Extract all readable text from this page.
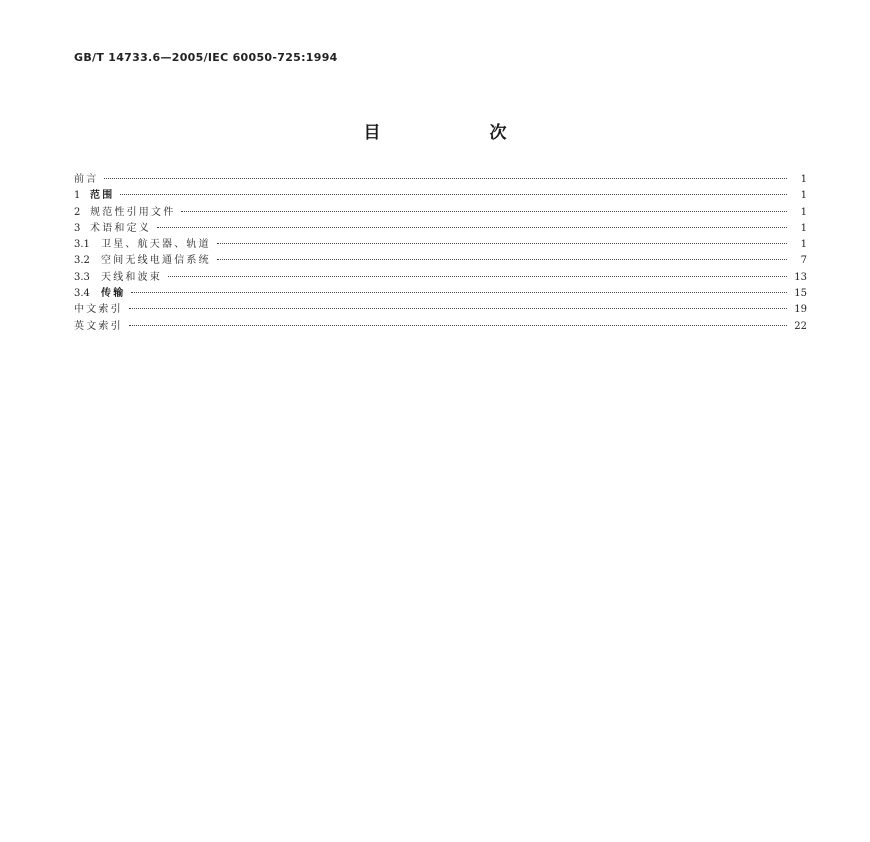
GB/T 14733.6—2005/IEC 60050-725:1994
目　次
前言	1
1 范围	1
2 规范性引用文件	1
3 术语和定义	1
3.1	卫星、航天器、轨道	1
3.2	空间无线电通信系统	7
3.3	天线和波束	13
3.4	传输	15
中文索引	19
英文索引	22
